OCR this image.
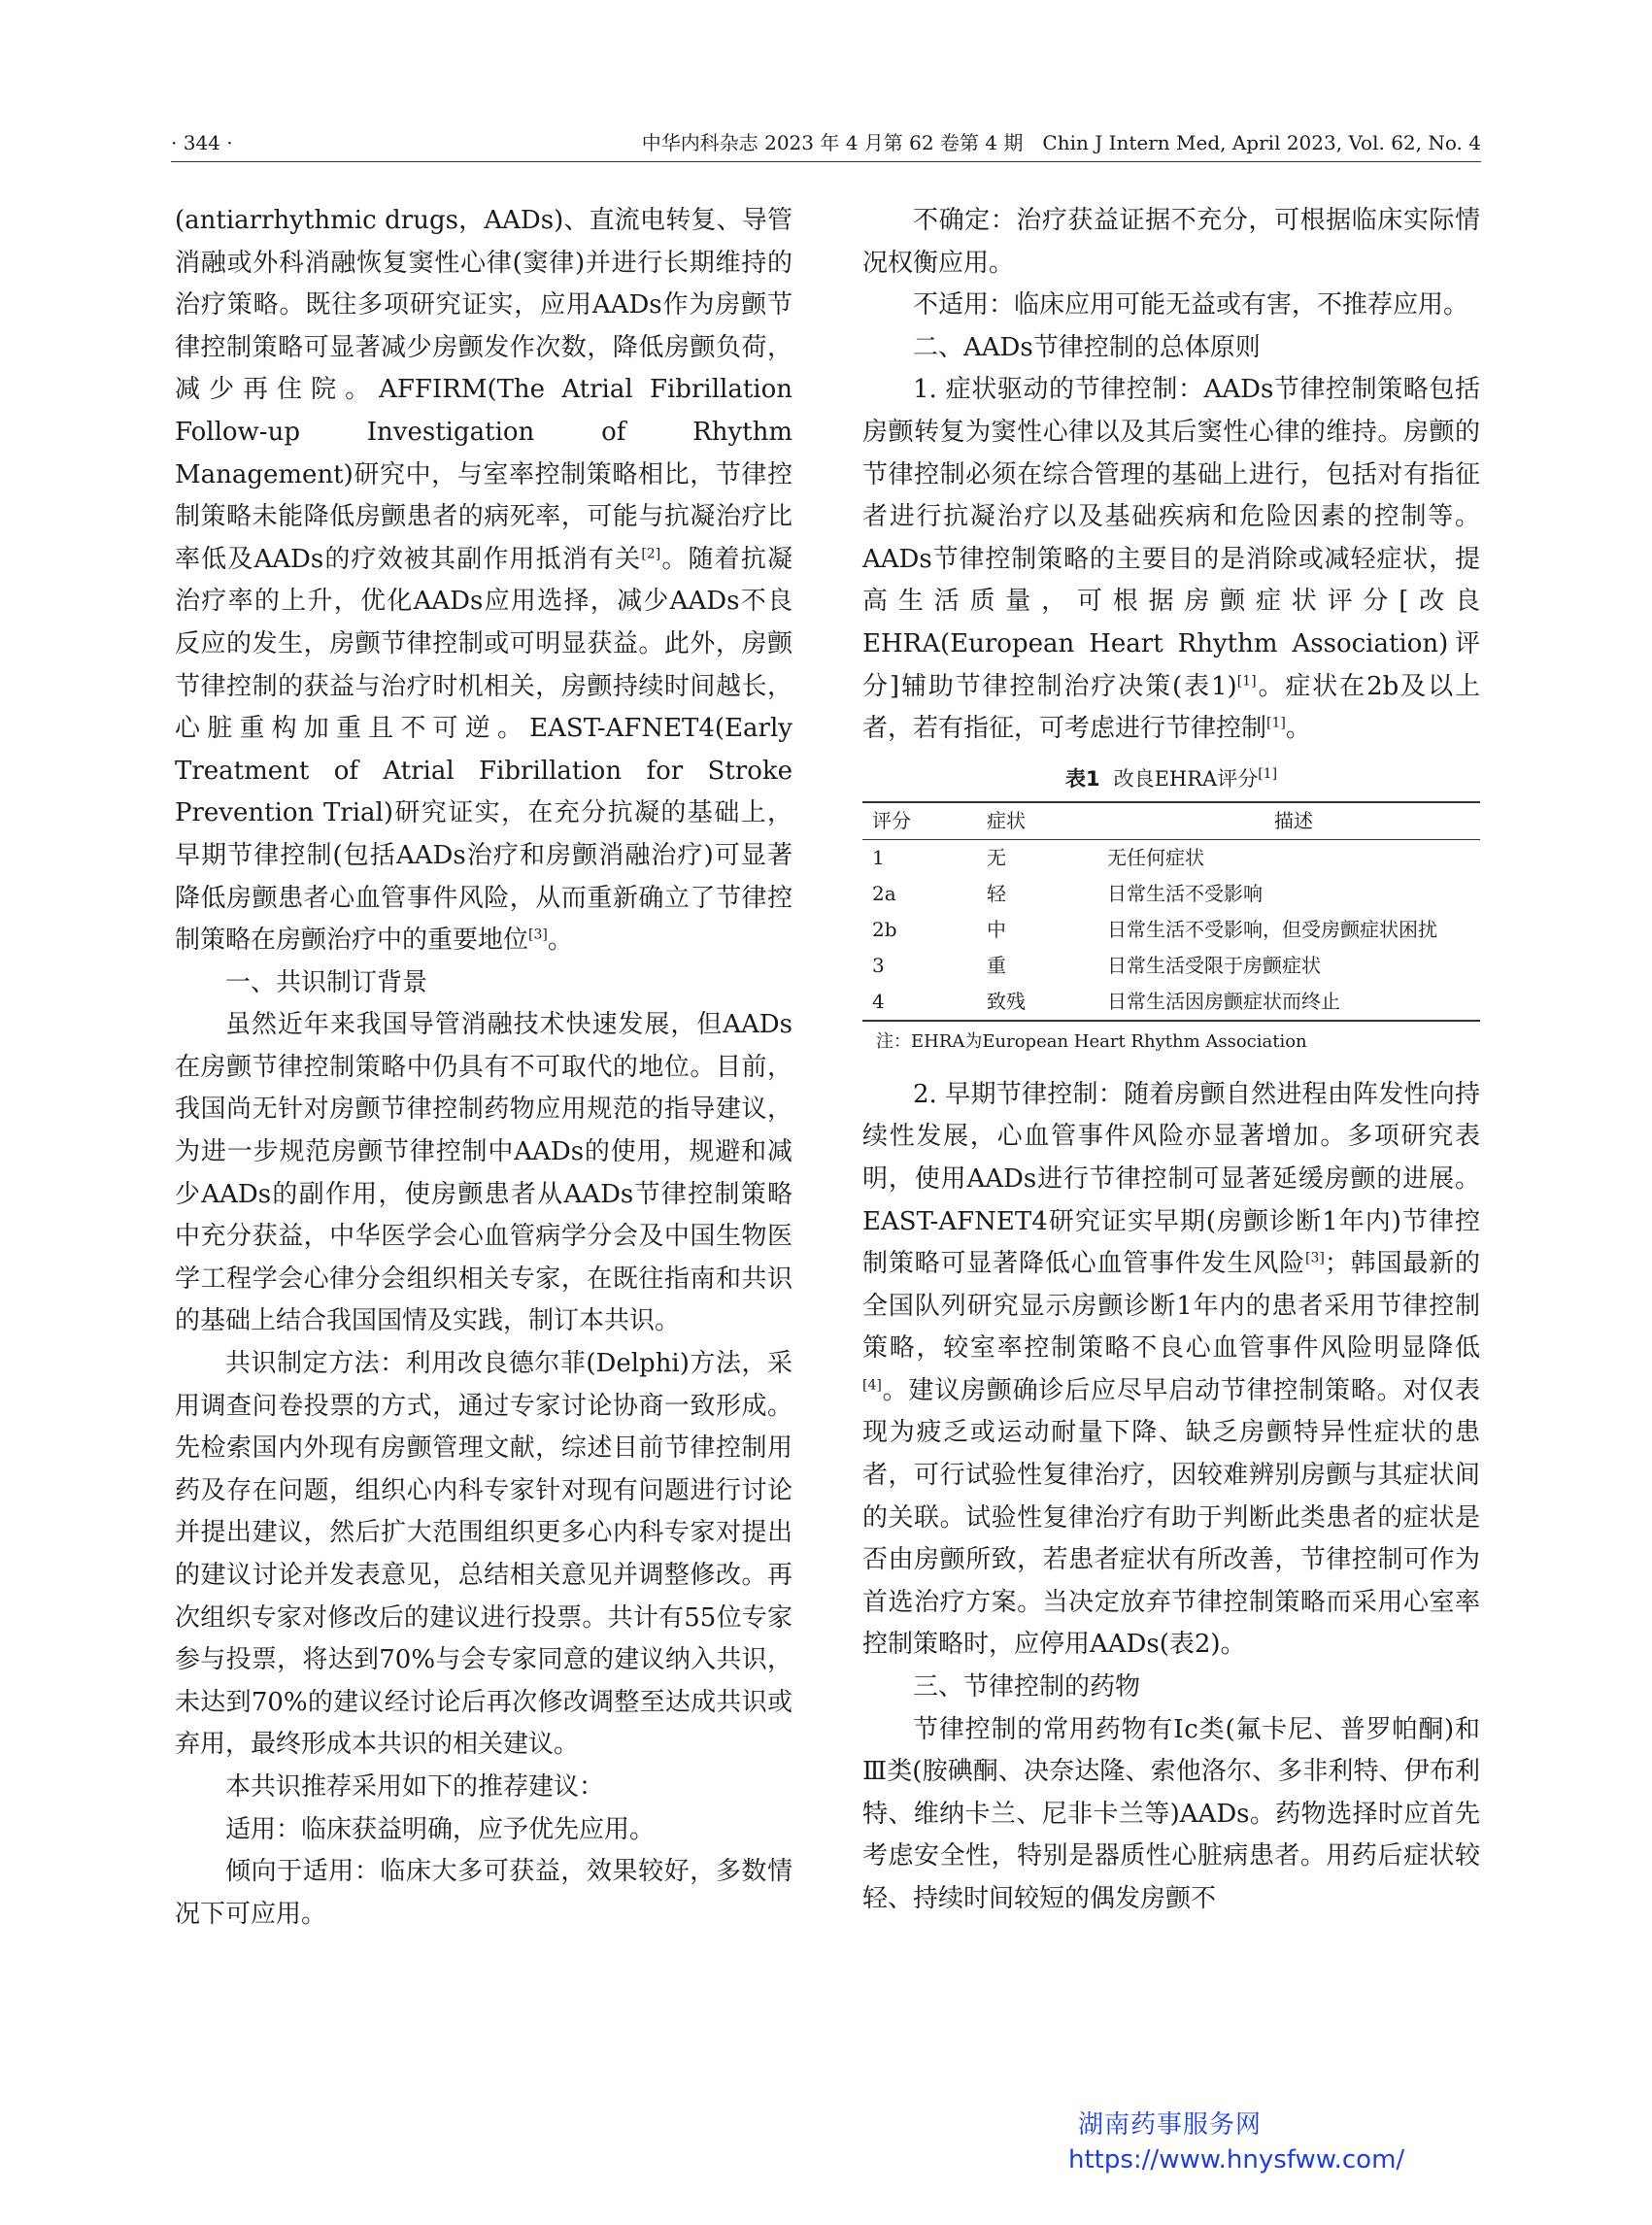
· 344 ·	中华内科杂志 2023 年 4 月第 62 卷第 4 期　Chin J Intern Med, April 2023, Vol. 62, No. 4

(antiarrhythmic drugs，AADs)、直流电转复、导管消融或外科消融恢复窦性心律(窦律)并进行长期维持的治疗策略。既往多项研究证实，应用AADs作为房颤节律控制策略可显著减少房颤发作次数，降低房颤负荷，减少再住院。AFFIRM(The Atrial Fibrillation Follow-up Investigation of Rhythm Management)研究中，与室率控制策略相比，节律控制策略未能降低房颤患者的病死率，可能与抗凝治疗比率低及AADs的疗效被其副作用抵消有关[2]。随着抗凝治疗率的上升，优化AADs应用选择，减少AADs不良反应的发生，房颤节律控制或可明显获益。此外，房颤节律控制的获益与治疗时机相关，房颤持续时间越长，心脏重构加重且不可逆。EAST-AFNET4(Early Treatment of Atrial Fibrillation for Stroke Prevention Trial)研究证实，在充分抗凝的基础上，早期节律控制(包括AADs治疗和房颤消融治疗)可显著降低房颤患者心血管事件风险，从而重新确立了节律控制策略在房颤治疗中的重要地位[3]。

一、共识制订背景

虽然近年来我国导管消融技术快速发展，但AADs在房颤节律控制策略中仍具有不可取代的地位。目前，我国尚无针对房颤节律控制药物应用规范的指导建议，为进一步规范房颤节律控制中AADs的使用，规避和减少AADs的副作用，使房颤患者从AADs节律控制策略中充分获益，中华医学会心血管病学分会及中国生物医学工程学会心律分会组织相关专家，在既往指南和共识的基础上结合我国国情及实践，制订本共识。

共识制定方法：利用改良德尔菲(Delphi)方法，采用调查问卷投票的方式，通过专家讨论协商一致形成。先检索国内外现有房颤管理文献，综述目前节律控制用药及存在问题，组织心内科专家针对现有问题进行讨论并提出建议，然后扩大范围组织更多心内科专家对提出的建议讨论并发表意见，总结相关意见并调整修改。再次组织专家对修改后的建议进行投票。共计有55位专家参与投票，将达到70%与会专家同意的建议纳入共识，未达到70%的建议经讨论后再次修改调整至达成共识或弃用，最终形成本共识的相关建议。

本共识推荐采用如下的推荐建议：

适用：临床获益明确，应予优先应用。

倾向于适用：临床大多可获益，效果较好，多数情况下可应用。

不确定：治疗获益证据不充分，可根据临床实际情况权衡应用。

不适用：临床应用可能无益或有害，不推荐应用。

二、AADs节律控制的总体原则

1. 症状驱动的节律控制：AADs节律控制策略包括房颤转复为窦性心律以及其后窦性心律的维持。房颤的节律控制必须在综合管理的基础上进行，包括对有指征者进行抗凝治疗以及基础疾病和危险因素的控制等。AADs节律控制策略的主要目的是消除或减轻症状，提高生活质量，可根据房颤症状评分[改良EHRA(European Heart Rhythm Association)评分]辅助节律控制治疗决策(表1)[1]。症状在2b及以上者，若有指征，可考虑进行节律控制[1]。

表1 改良EHRA评分[1]
评分	症状	描述
1	无	无任何症状
2a	轻	日常生活不受影响
2b	中	日常生活不受影响，但受房颤症状困扰
3	重	日常生活受限于房颤症状
4	致残	日常生活因房颤症状而终止
注：EHRA为European Heart Rhythm Association

2. 早期节律控制：随着房颤自然进程由阵发性向持续性发展，心血管事件风险亦显著增加。多项研究表明，使用AADs进行节律控制可显著延缓房颤的进展。EAST-AFNET4研究证实早期(房颤诊断1年内)节律控制策略可显著降低心血管事件发生风险[3]；韩国最新的全国队列研究显示房颤诊断1年内的患者采用节律控制策略，较室率控制策略不良心血管事件风险明显降低[4]。建议房颤确诊后应尽早启动节律控制策略。对仅表现为疲乏或运动耐量下降、缺乏房颤特异性症状的患者，可行试验性复律治疗，因较难辨别房颤与其症状间的关联。试验性复律治疗有助于判断此类患者的症状是否由房颤所致，若患者症状有所改善，节律控制可作为首选治疗方案。当决定放弃节律控制策略而采用心室率控制策略时，应停用AADs(表2)。

三、节律控制的药物

节律控制的常用药物有Ⅰc类(氟卡尼、普罗帕酮)和Ⅲ类(胺碘酮、决奈达隆、索他洛尔、多非利特、伊布利特、维纳卡兰、尼非卡兰等)AADs。药物选择时应首先考虑安全性，特别是器质性心脏病患者。用药后症状较轻、持续时间较短的偶发房颤不

湖南药事服务网
https://www.hnysfww.com/
